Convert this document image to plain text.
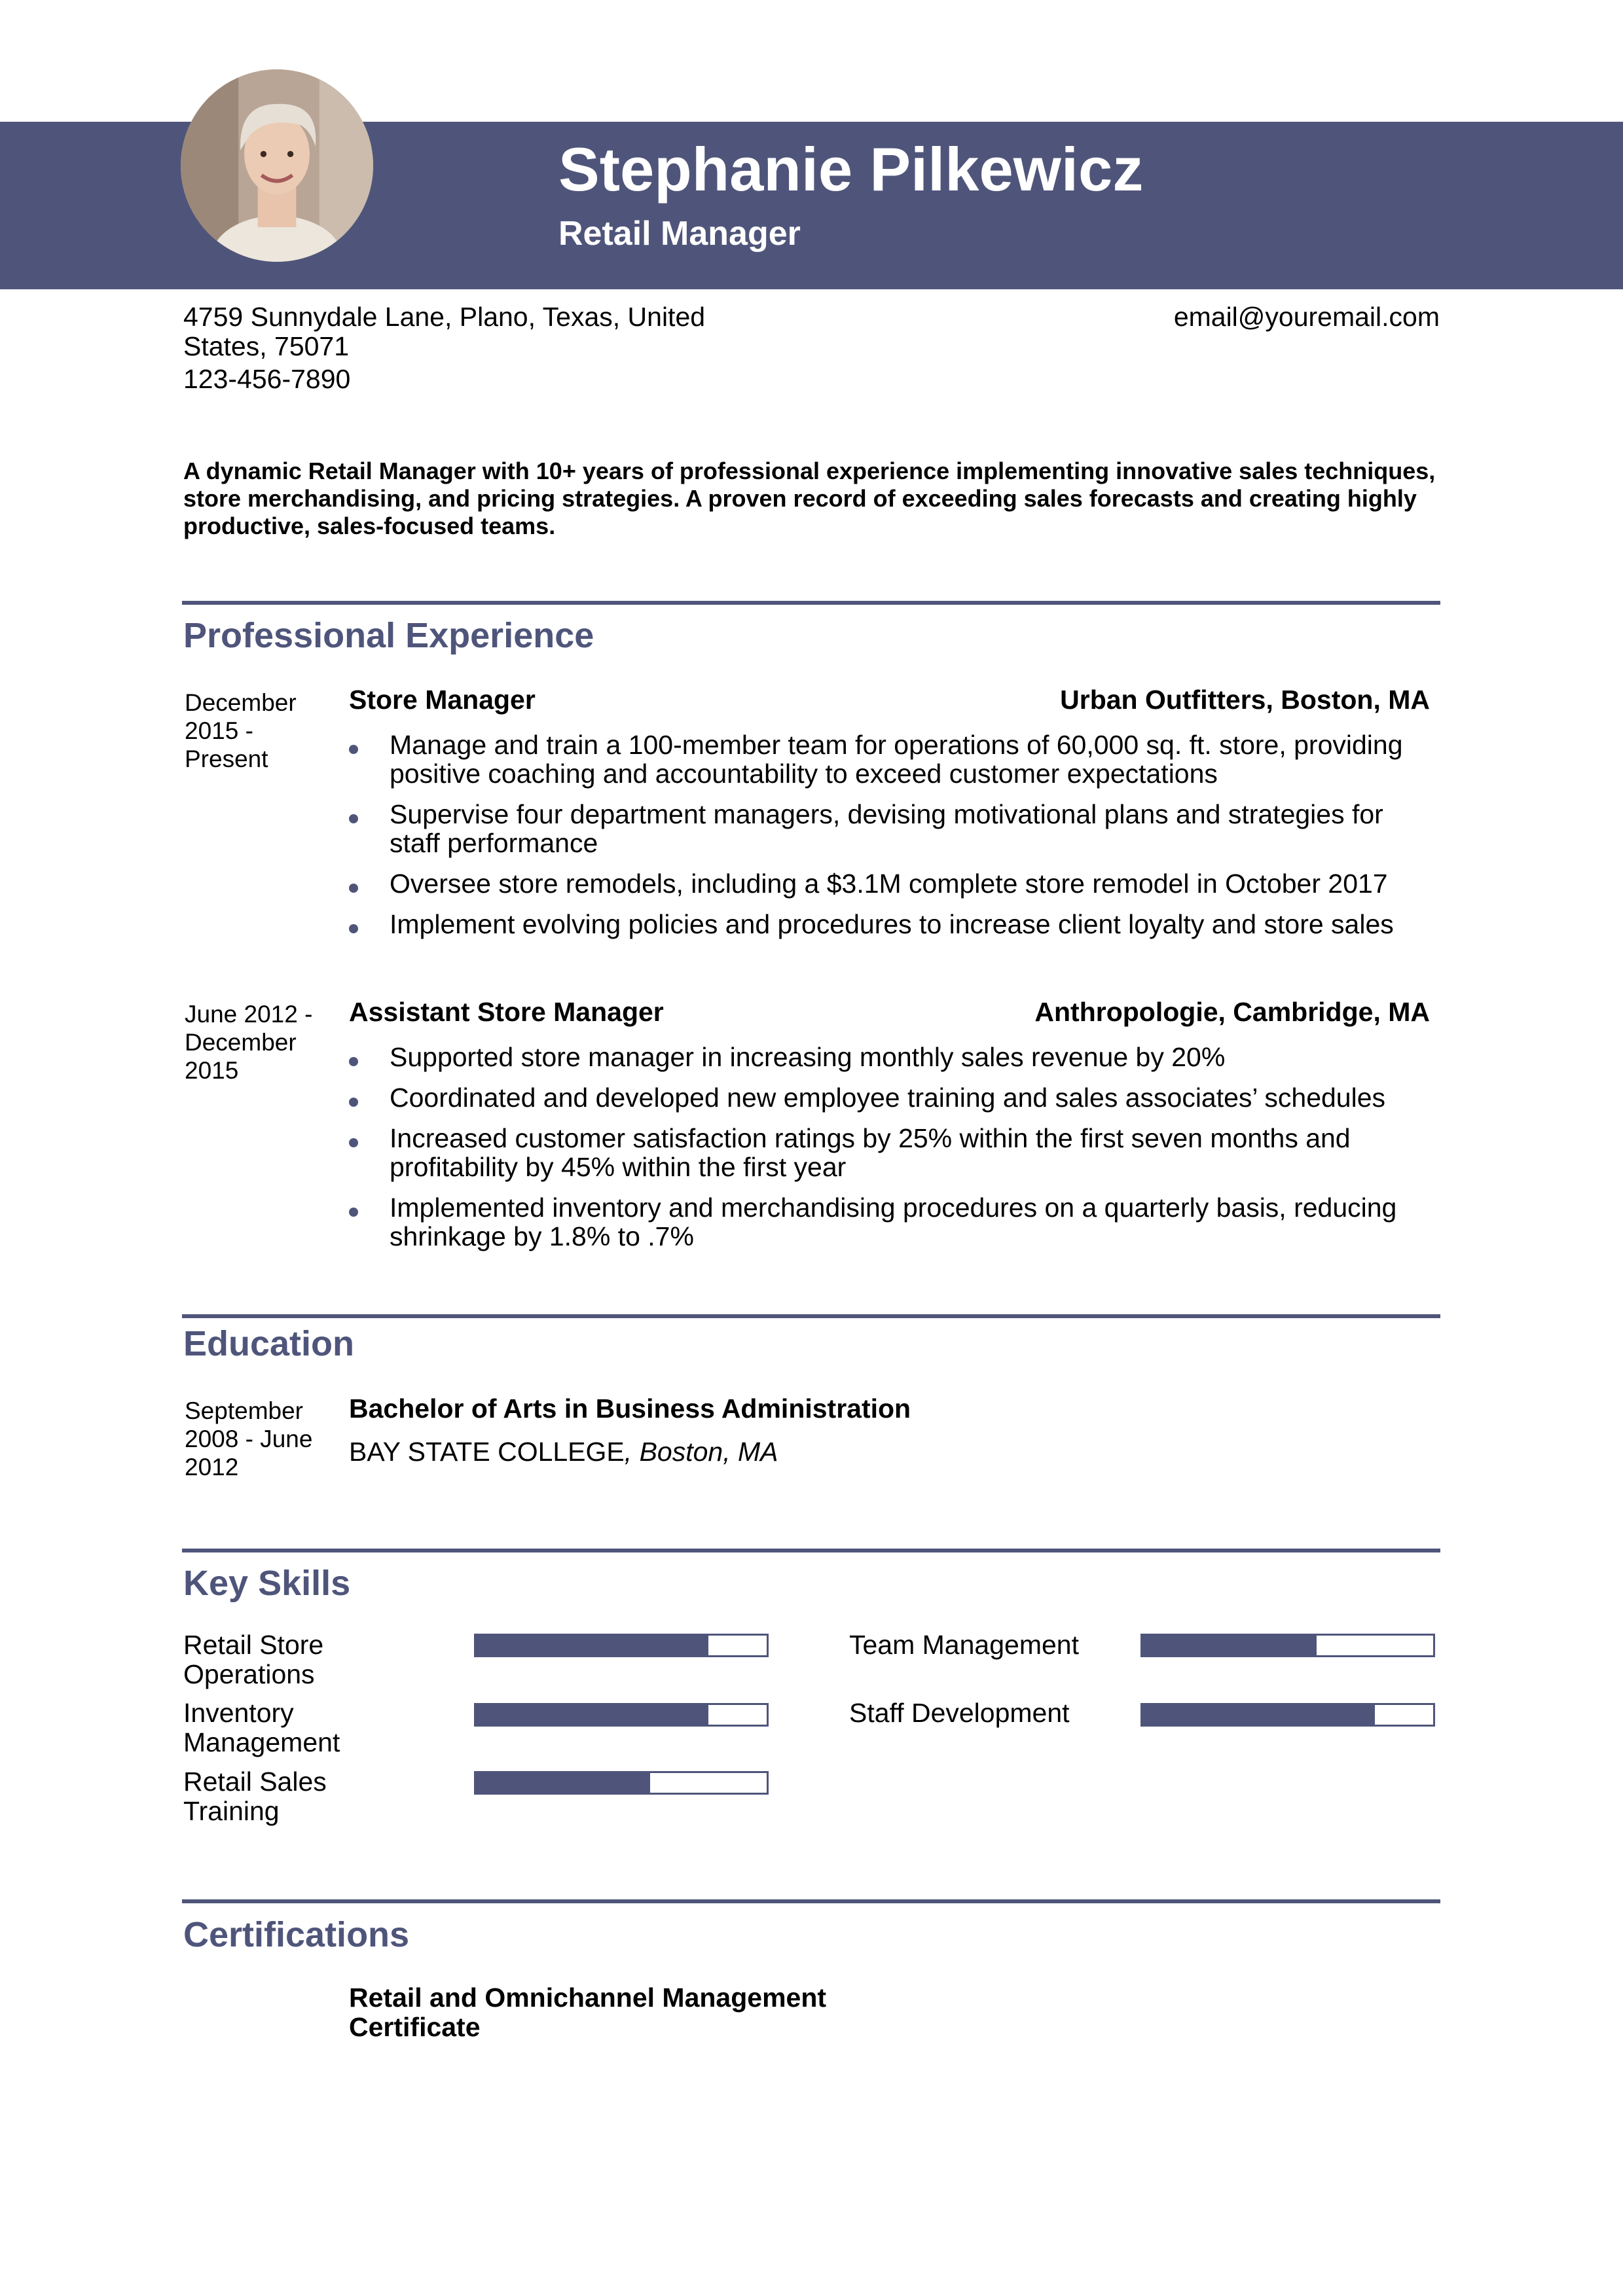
Stephanie Pilkewicz
Retail Manager
4759 Sunnydale Lane, Plano, Texas, United States, 75071
123-456-7890
email@youremail.com
A dynamic Retail Manager with 10+ years of professional experience implementing innovative sales techniques, store merchandising, and pricing strategies. A proven record of exceeding sales forecasts and creating highly productive, sales-focused teams.
Professional Experience
December 2015 - Present
Store Manager	Urban Outfitters, Boston, MA
Manage and train a 100-member team for operations of 60,000 sq. ft. store, providing positive coaching and accountability to exceed customer expectations
Supervise four department managers, devising motivational plans and strategies for staff performance
Oversee store remodels, including a $3.1M complete store remodel in October 2017
Implement evolving policies and procedures to increase client loyalty and store sales
June 2012 - December 2015
Assistant Store Manager	Anthropologie, Cambridge, MA
Supported store manager in increasing monthly sales revenue by 20%
Coordinated and developed new employee training and sales associates’ schedules
Increased customer satisfaction ratings by 25% within the first seven months and profitability by 45% within the first year
Implemented inventory and merchandising procedures on a quarterly basis, reducing shrinkage by 1.8% to .7%
Education
September 2008 - June 2012
Bachelor of Arts in Business Administration
BAY STATE COLLEGE, Boston, MA
Key Skills
Retail Store Operations
Inventory Management
Retail Sales Training
Team Management
Staff Development
Certifications
Retail and Omnichannel Management Certificate
